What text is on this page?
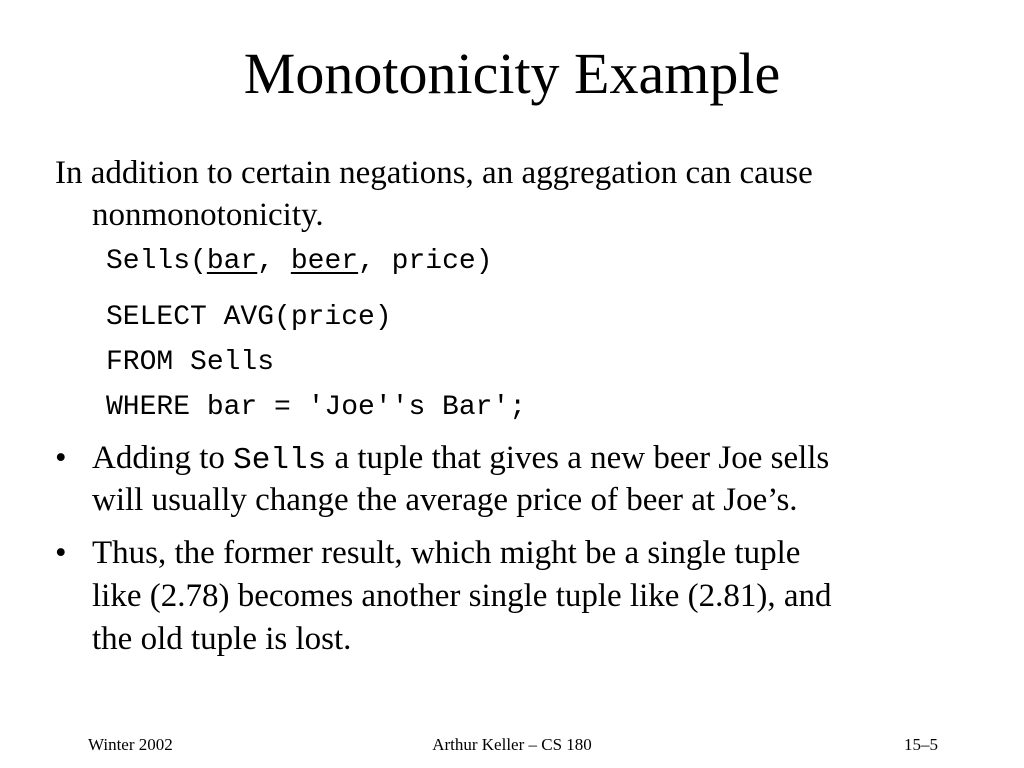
Monotonicity Example
In addition to certain negations, an aggregation can cause
nonmonotonicity.
Sells(bar, beer, price)
SELECT AVG(price)
FROM Sells
WHERE bar = 'Joe''s Bar';
• Adding to Sells a tuple that gives a new beer Joe sells
will usually change the average price of beer at Joe’s.
• Thus, the former result, which might be a single tuple
like (2.78) becomes another single tuple like (2.81), and
the old tuple is lost.
Winter 2002	Arthur Keller – CS 180	15–5
